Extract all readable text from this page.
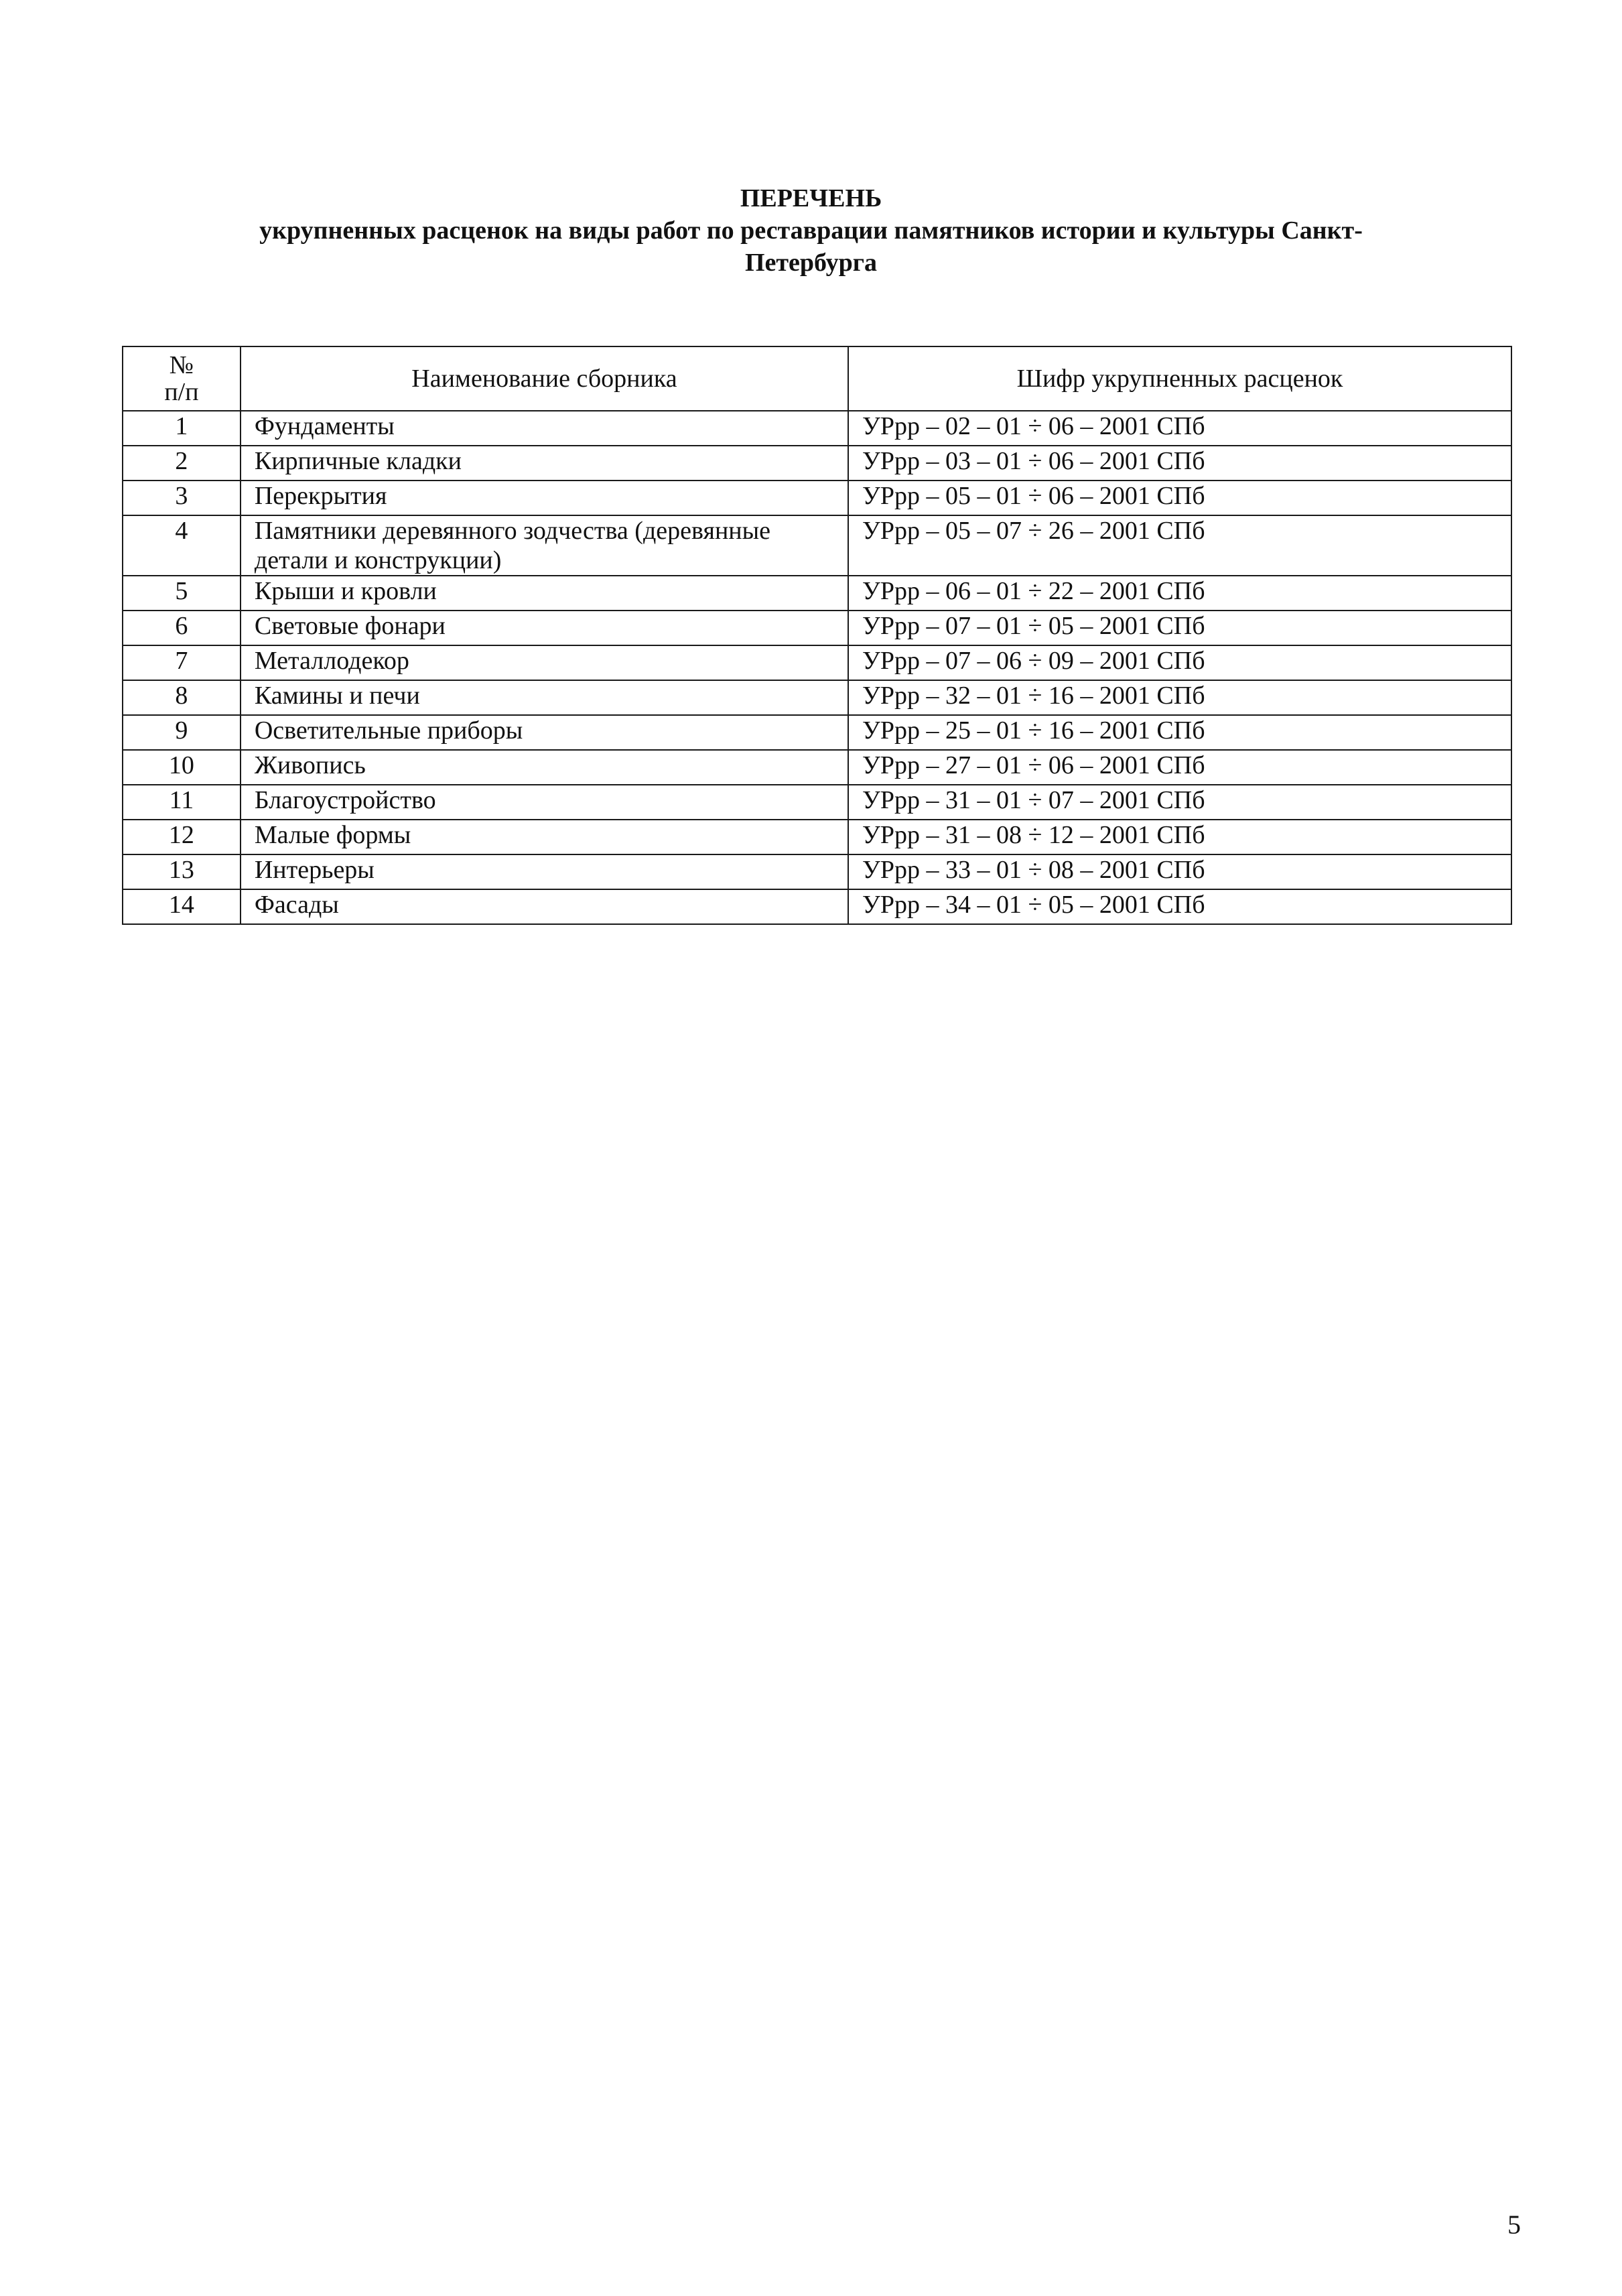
ПЕРЕЧЕНЬ
укрупненных расценок на виды работ по реставрации памятников истории и культуры Санкт-
Петербурга
№
п/п	Наименование сборника	Шифр укрупненных расценок
1	Фундаменты	УРрр – 02 – 01 ÷ 06 – 2001 СПб
2	Кирпичные кладки	УРрр – 03 – 01 ÷ 06 – 2001 СПб
3	Перекрытия	УРрр – 05 – 01 ÷ 06 – 2001 СПб
4	Памятники деревянного зодчества (деревянные детали и конструкции)	УРрр – 05 – 07 ÷ 26 – 2001 СПб
5	Крыши и кровли	УРрр – 06 – 01 ÷ 22 – 2001 СПб
6	Световые фонари	УРрр – 07 – 01 ÷ 05 – 2001 СПб
7	Металлодекор	УРрр – 07 – 06 ÷ 09 – 2001 СПб
8	Камины и печи	УРрр – 32 – 01 ÷ 16 – 2001 СПб
9	Осветительные приборы	УРрр – 25 – 01 ÷ 16 – 2001 СПб
10	Живопись	УРрр – 27 – 01 ÷ 06 – 2001 СПб
11	Благоустройство	УРрр – 31 – 01 ÷ 07 – 2001 СПб
12	Малые формы	УРрр – 31 – 08 ÷ 12 – 2001 СПб
13	Интерьеры	УРрр – 33 – 01 ÷ 08 – 2001 СПб
14	Фасады	УРрр – 34 – 01 ÷ 05 – 2001 СПб
5
